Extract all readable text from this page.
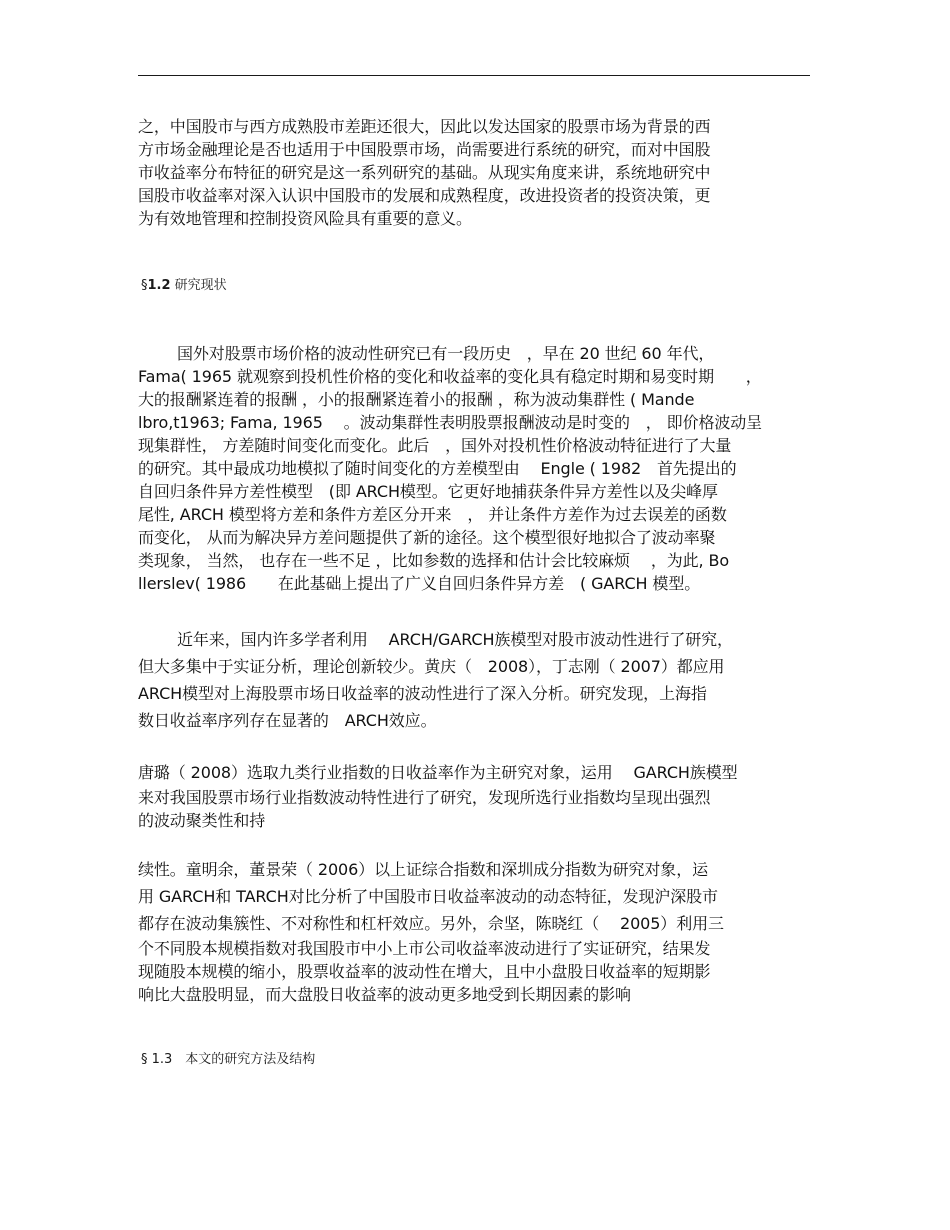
之，中国股市与西方成熟股市差距还很大，因此以发达国家的股票市场为背景的西
方市场金融理论是否也适用于中国股票市场，尚需要进行系统的研究，而对中国股
市收益率分布特征的研究是这一系列研究的基础。从现实角度来讲，系统地研究中
国股市收益率对深入认识中国股市的发展和成熟程度，改进投资者的投资决策，更
为有效地管理和控制投资风险具有重要的意义。
§1.2 研究现状
国外对股票市场价格的波动性研究已有一段历史　，早在 20 世纪 60 年代，
Fama( 1965 就观察到投机性价格的变化和收益率的变化具有稳定时期和易变时期　　，
大的报酬紧连着的报酬 ，小的报酬紧连着小的报酬 ，称为波动集群性 ( Mande
lbro,t1963; Fama, 1965　 。波动集群性表明股票报酬波动是时变的　， 即价格波动呈
现集群性， 方差随时间变化而变化。此后　，国外对投机性价格波动特征进行了大量
的研究。其中最成功地模拟了随时间变化的方差模型由　 Engle ( 1982　首先提出的
自回归条件异方差性模型　(即 ARCH模型。它更好地捕获条件异方差性以及尖峰厚
尾性, ARCH 模型将方差和条件方差区分开来　， 并让条件方差作为过去误差的函数
而变化， 从而为解决异方差问题提供了新的途径。这个模型很好地拟合了波动率聚
类现象， 当然， 也存在一些不足 ，比如参数的选择和估计会比较麻烦 　，为此, Bo
llerslev( 1986　　在此基础上提出了广义自回归条件异方差　( GARCH 模型。
近年来，国内许多学者利用　 ARCH/GARCH族模型对股市波动性进行了研究，
但大多集中于实证分析，理论创新较少。黄庆（　2008），丁志刚（ 2007）都应用
ARCH模型对上海股票市场日收益率的波动性进行了深入分析。研究发现，上海指
数日收益率序列存在显著的　ARCH效应。
唐璐（ 2008）选取九类行业指数的日收益率作为主研究对象，运用　 GARCH族模型
来对我国股票市场行业指数波动特性进行了研究，发现所选行业指数均呈现出强烈
的波动聚类性和持
续性。童明余，董景荣（ 2006）以上证综合指数和深圳成分指数为研究对象，运
用 GARCH和 TARCH对比分析了中国股市日收益率波动的动态特征，发现沪深股市
都存在波动集簇性、不对称性和杠杆效应。另外，佘坚，陈晓红（　 2005）利用三
个不同股本规模指数对我国股市中小上市公司收益率波动进行了实证研究，结果发
现随股本规模的缩小，股票收益率的波动性在增大，且中小盘股日收益率的短期影
响比大盘股明显，而大盘股日收益率的波动更多地受到长期因素的影响
§ 1.3　本文的研究方法及结构
